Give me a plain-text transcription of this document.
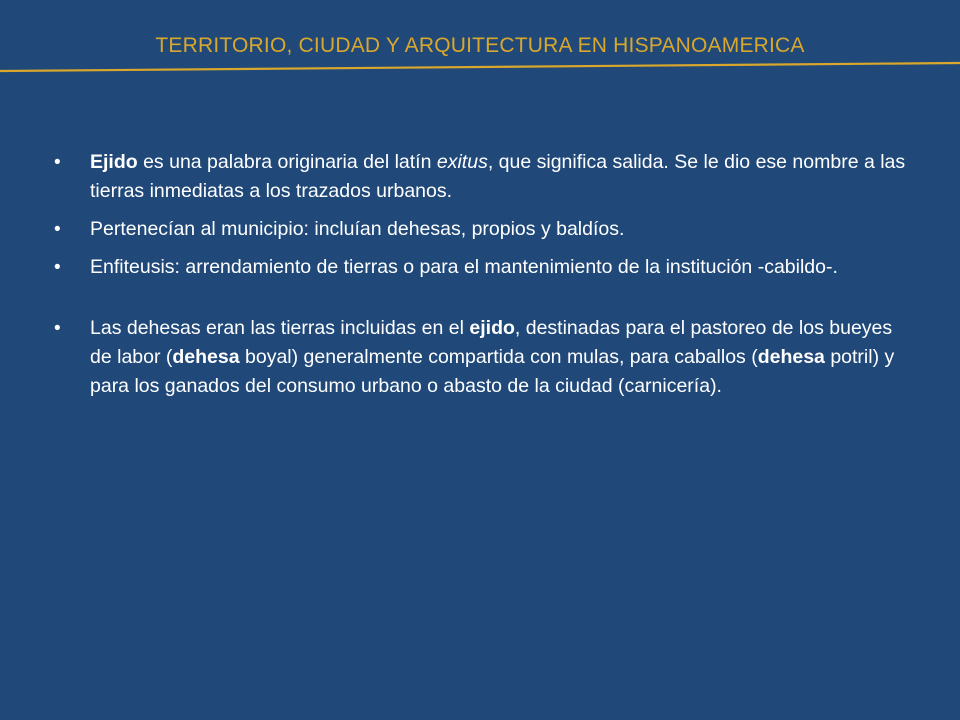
TERRITORIO, CIUDAD Y ARQUITECTURA EN HISPANOAMERICA
•	Ejido es una palabra originaria del latín exitus, que significa salida. Se le dio ese nombre a las tierras inmediatas a los trazados urbanos.
•	Pertenecían al municipio: incluían dehesas, propios y baldíos.
•	Enfiteusis: arrendamiento de tierras o para el mantenimiento de la institución -cabildo-.
•	Las dehesas eran las tierras incluidas en el ejido, destinadas para el pastoreo de los bueyes de labor (dehesa boyal) generalmente compartida con mulas, para caballos (dehesa potril) y para los ganados del consumo urbano o abasto de la ciudad (carnicería).
